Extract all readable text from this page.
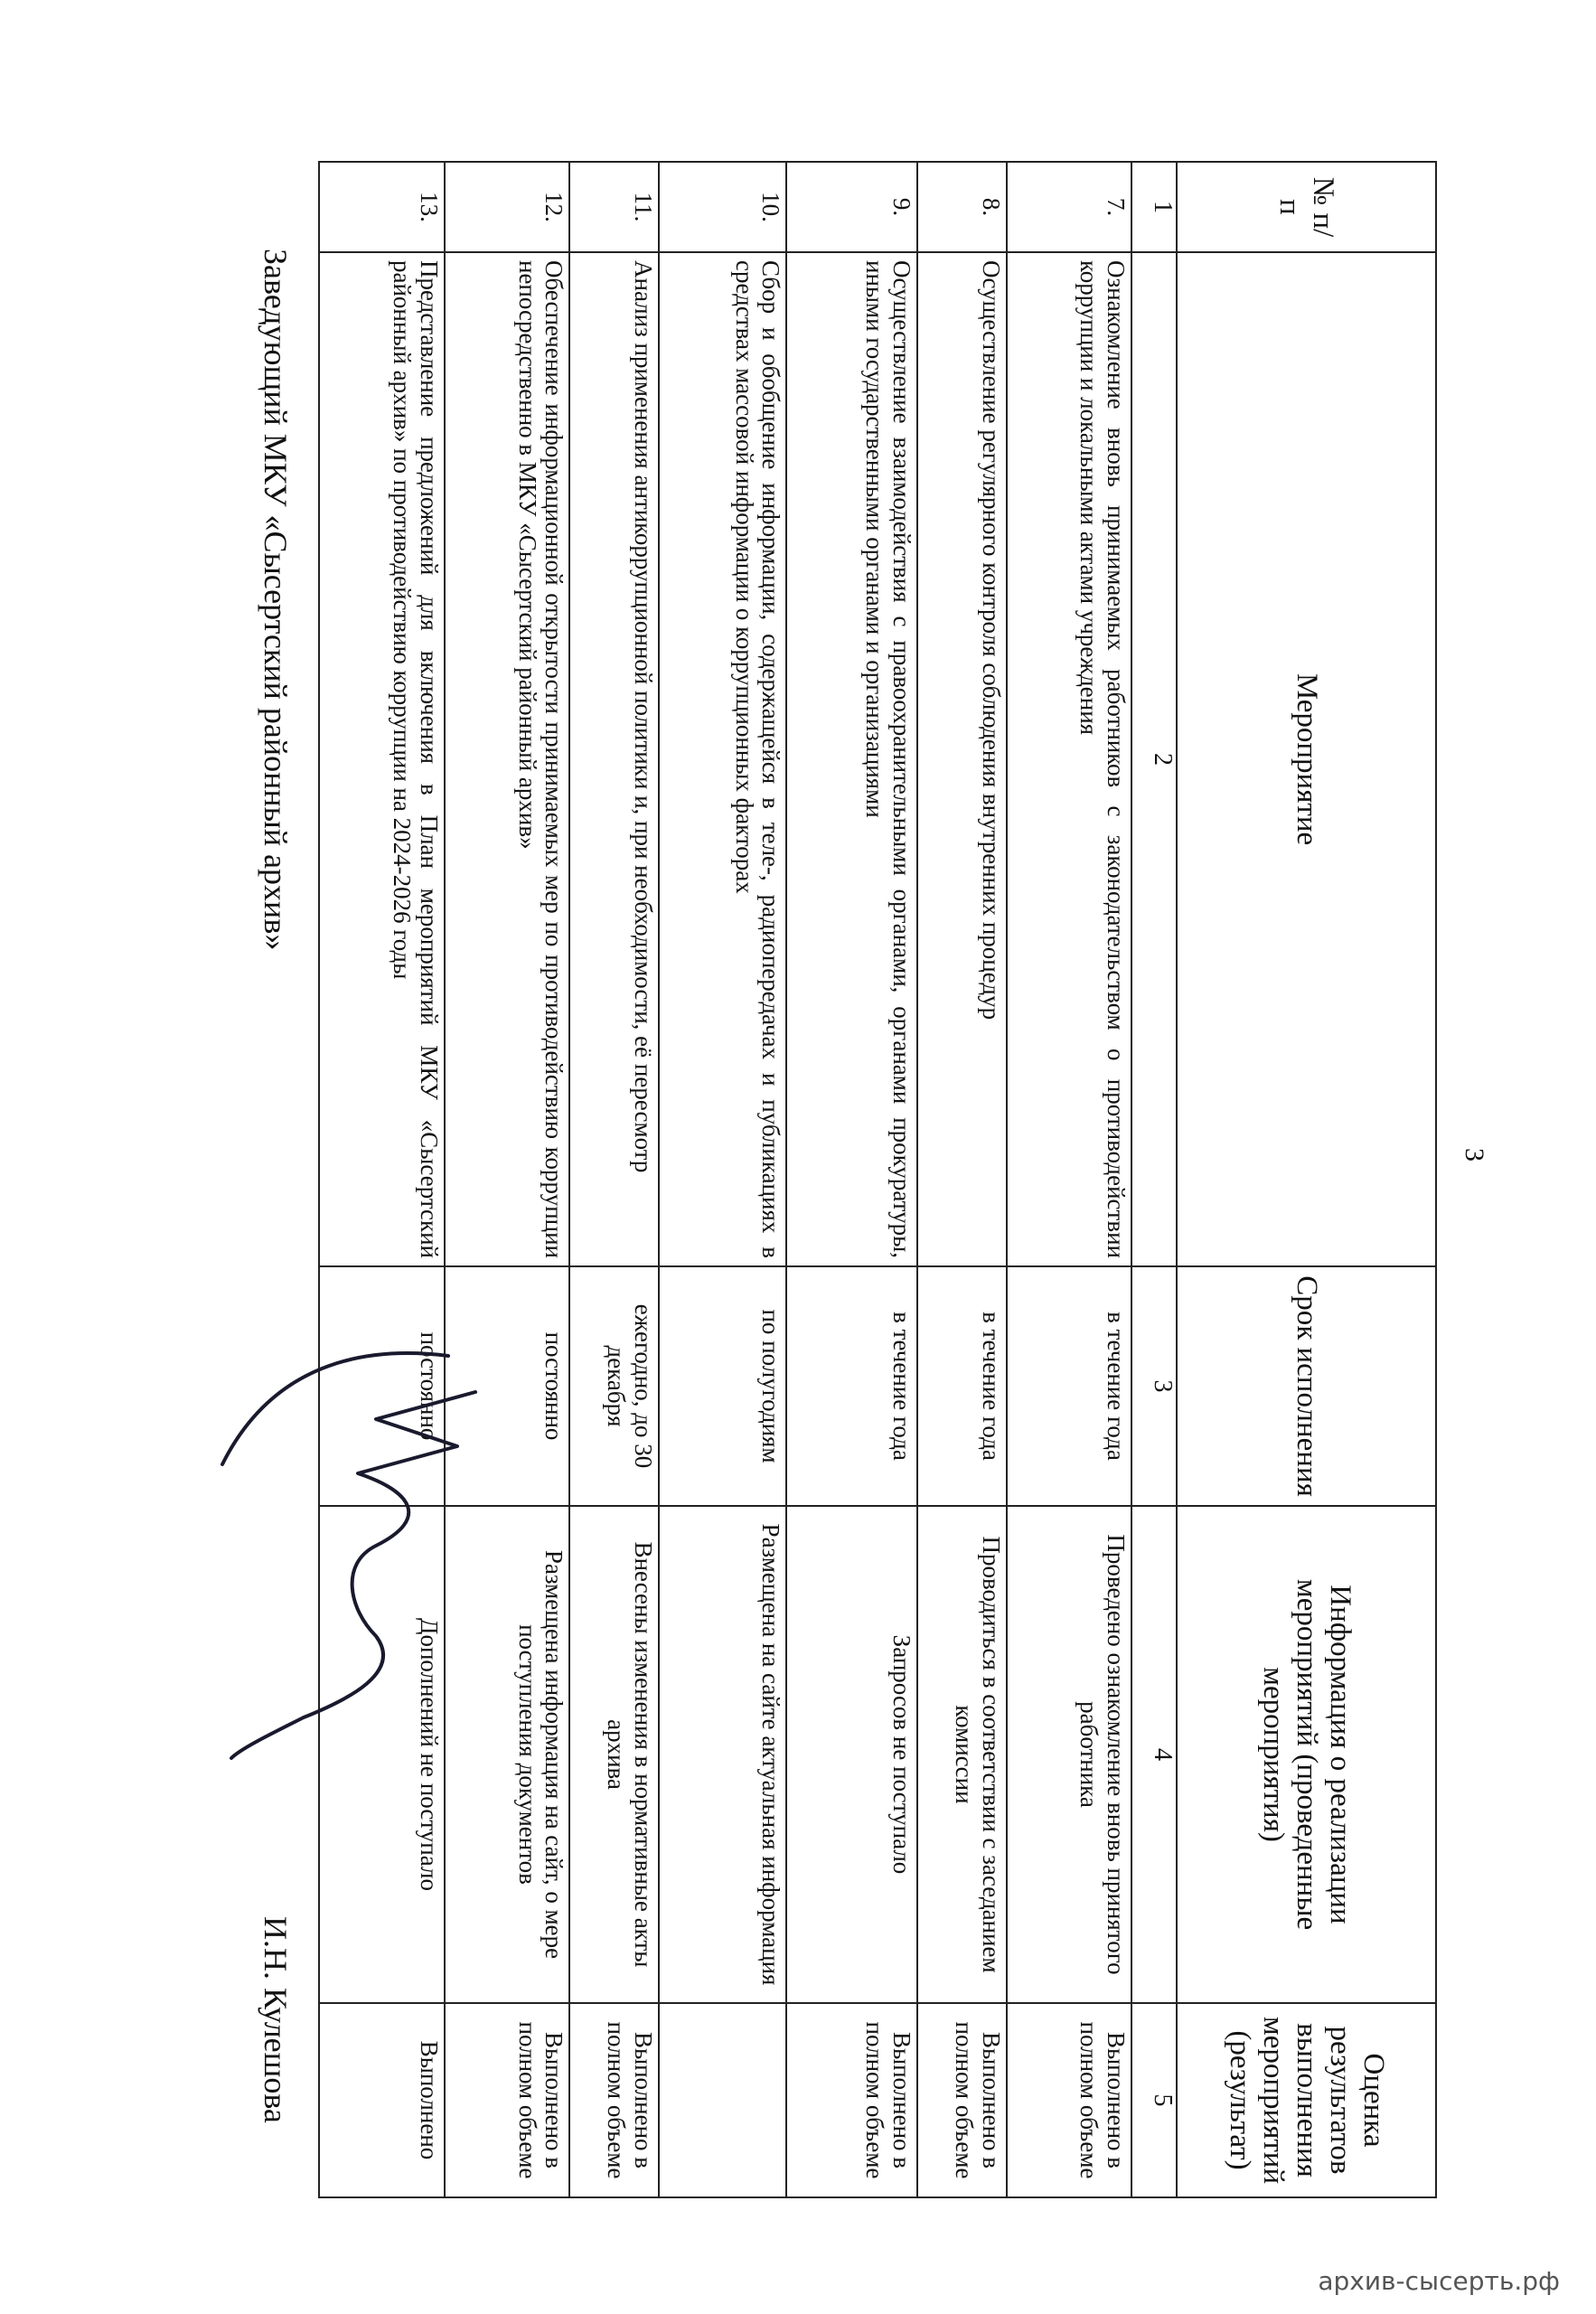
3
№ п/п	Мероприятие	Срок исполнения	Информация о реализации мероприятий (проведенные мероприятия)	Оценка результатов выполнения мероприятий (результат)
1	2	3	4	5
7.	Ознакомление вновь принимаемых работников с законодательством о противодействии коррупции и локальными актами учреждения	в течение года	Проведено ознакомление вновь принятого работника	Выполнено в полном объеме
8.	Осуществление регулярного контроля соблюдения внутренних процедур	в течение года	Проводиться в соответствии с заседанием комиссии	Выполнено в полном объеме
9.	Осуществление взаимодействия с правоохранительными органами, органами прокуратуры, иными государственными органами и организациями	в течение года	Запросов не поступало	Выполнено в полном объеме
10.	Сбор и обобщение информации, содержащейся в теле-, радиопередачах и публикациях в средствах массовой информации о коррупционных факторах	по полугодиям	Размещена на сайте актуальная информация	
11.	Анализ применения антикоррупционной политики и, при необходимости, её пересмотр	ежегодно, до 30 декабря	Внесены изменения в нормативные акты архива	Выполнено в полном объеме
12.	Обеспечение информационной открытости принимаемых мер по противодействию коррупции непосредственно в МКУ «Сысертский районный архив»	постоянно	Размещена информация на сайт, о мере поступления документов	Выполнено в полном объеме
13.	Представление предложений для включения в План мероприятий МКУ «Сысертский районный архив» по противодействию коррупции на 2024-2026 годы	постоянно	Дополнений не поступало	Выполнено
Заведующий МКУ «Сысертский районный архив»
И.Н. Кулешова
архив-сысерть.рф
